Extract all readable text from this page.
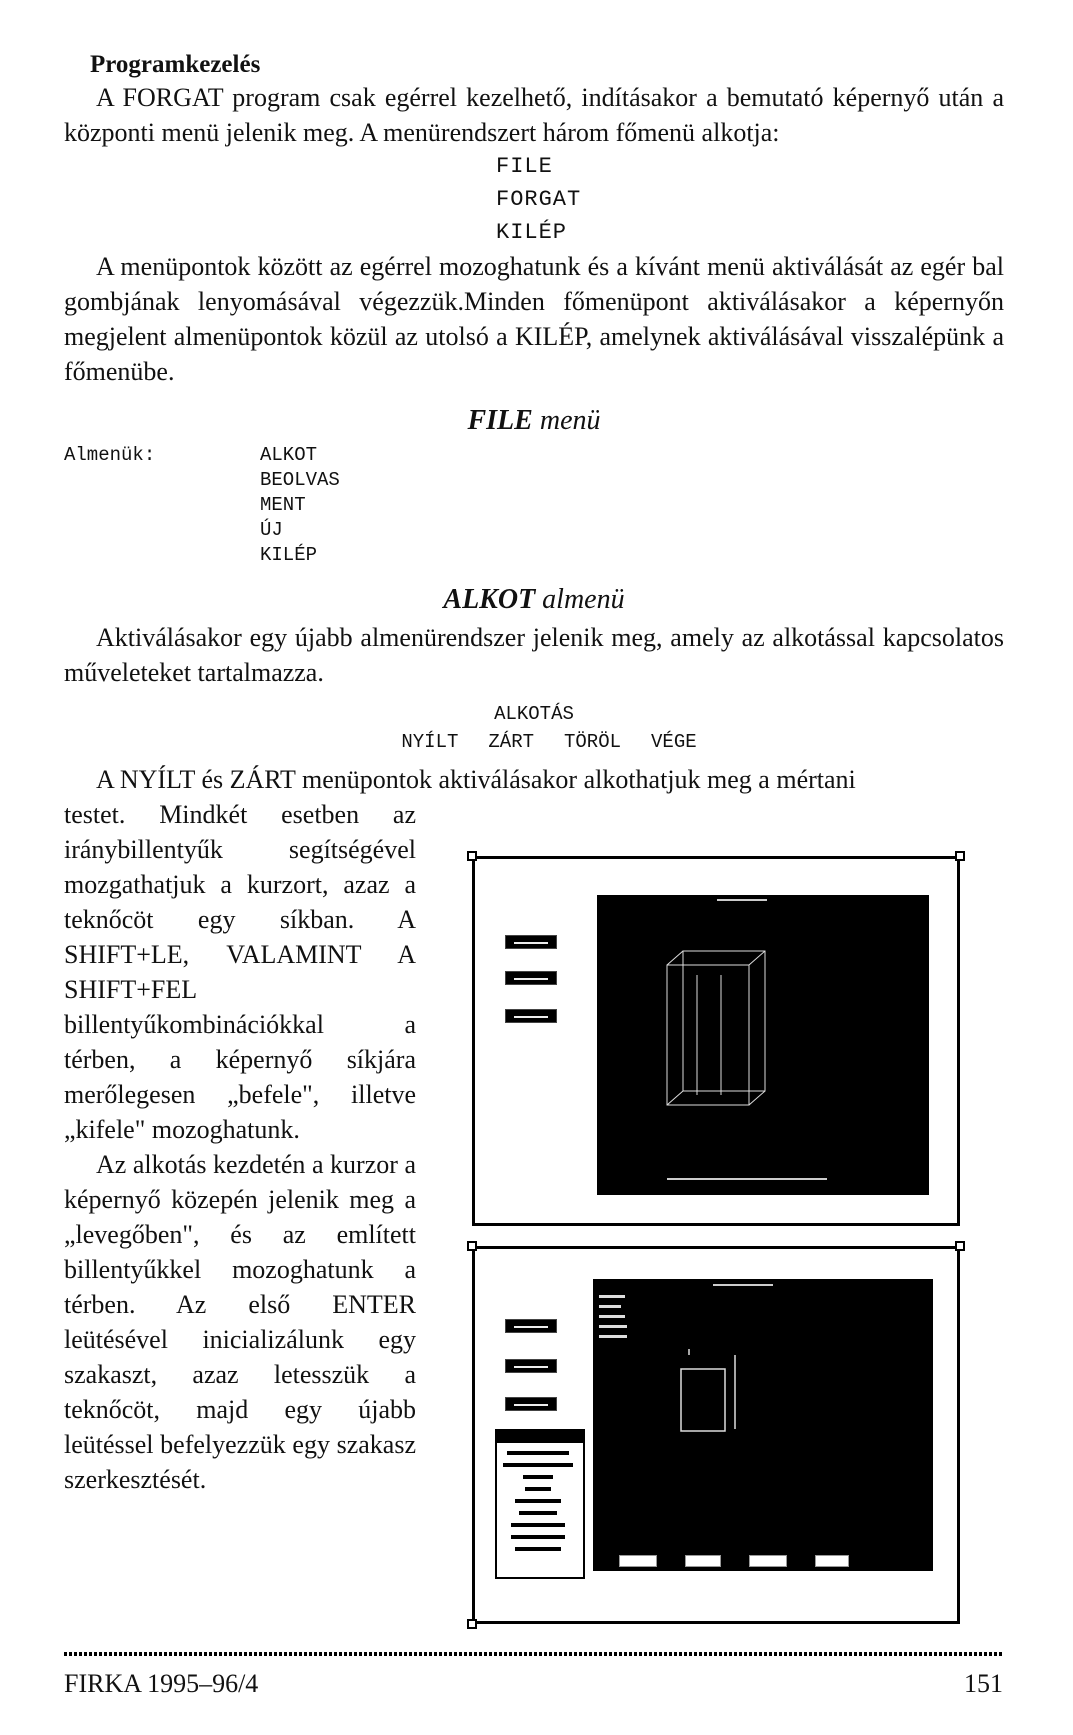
Programkezelés

A FORGAT program csak egérrel kezelhető, indításakor a bemutató képernyő után a központi menü jelenik meg. A menürendszert három főmenü alkotja:

FILE
FORGAT
KILÉP

A menüpontok között az egérrel mozoghatunk és a kívánt menü aktiválását az egér bal gombjának lenyomásával végezzük.Minden főmenüpont aktiválásakor a képernyőn megjelent almenüpontok közül az utolsó a KILÉP, amelynek aktiválásával visszalépünk a főmenübe.

FILE menü
Almenük:	ALKOT
BEOLVAS
MENT
ÚJ
KILÉP
ALKOT almenü

Aktiválásakor egy újabb almenürendszer jelenik meg, amely az alkotással kapcsolatos műveleteket tartalmazza.

ALKOTÁS
NYÍLT ZÁRT TÖRÖL VÉGE

A NYÍLT és ZÁRT menüpontok aktiválásakor alkothatjuk meg a mértani

testet. Mindkét esetben az iránybillentyűk segítségével mozgathatjuk a kurzort, azaz a teknőcöt egy síkban. A SHIFT+LE, VALAMINT A SHIFT+FEL billentyűkombinációkkal a térben, a képernyő síkjára merőlegesen „befele", illetve „kifele" mozoghatunk.

Az alkotás kezdetén a kurzor a képernyő közepén jelenik meg a „levegőben", és az említett billentyűkkel mozoghatunk a térben. Az első ENTER leütésével inicializálunk egy szakaszt, azaz letesszük a teknőcöt, majd egy újabb leütéssel befelyezzük egy szakasz szerkesztését.

FIRKA 1995–96/4	151
